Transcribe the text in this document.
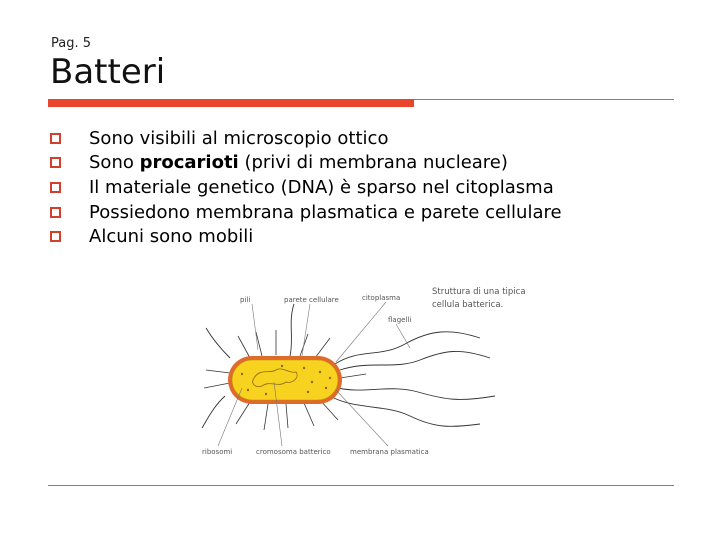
Pag. 5
Batteri
Sono visibili al microscopio ottico
Sono procarioti (privi di membrana nucleare)
Il materiale genetico (DNA) è sparso nel citoplasma
Possiedono membrana plasmatica e parete cellulare
Alcuni sono mobili
pili	parete cellulare	citoplasma
flagelli
ribosomi	cromosoma batterico	membrana plasmatica
Struttura di una tipica
cellula batterica.
